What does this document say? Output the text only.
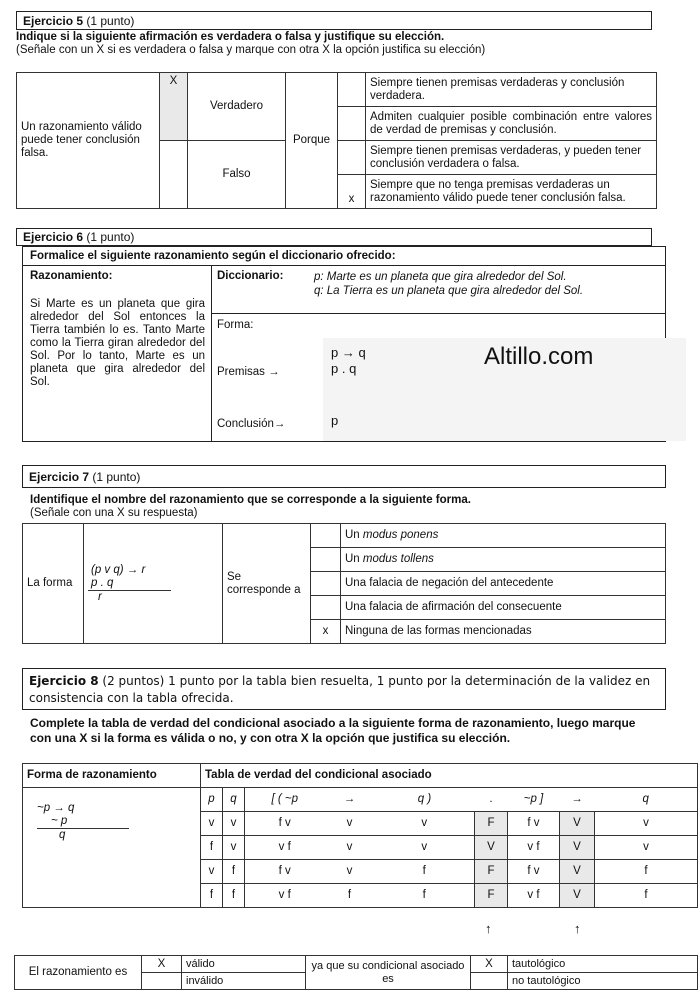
Ejercicio 5 (1 punto)
Indique si la siguiente afirmación es verdadera o falsa y justifique su elección.
(Señale con un X si es verdadera o falsa y marque con otra X la opción justifica su elección)
Un razonamiento válido puede tener conclusión falsa.	X	Verdadero	Porque		Siempre tienen premisas verdaderas y conclusión verdadera.
					Admiten cualquier posible combinación entre valores de verdad de premisas y conclusión.
		Falso			Siempre tienen premisas verdaderas, y pueden tener conclusión verdadera o falsa.
				x	Siempre que no tenga premisas verdaderas un razonamiento válido puede tener conclusión falsa.
Ejercicio 6 (1 punto)
Formalice el siguiente razonamiento según el diccionario ofrecido:
Razonamiento:
Si Marte es un planeta que gira alrededor del Sol entonces la Tierra también lo es. Tanto Marte como la Tierra giran alrededor del Sol. Por lo tanto, Marte es un planeta que gira alrededor del Sol.
Diccionario:	p: Marte es un planeta que gira alrededor del Sol.
q: La Tierra es un planeta que gira alrededor del Sol.
Forma:
Premisas →
p → q
p . q	Altillo.com
Conclusión→	p
Ejercicio 7 (1 punto)
Identifique el nombre del razonamiento que se corresponde a la siguiente forma.
(Señale con una X su respuesta)
La forma	(p v q) → r
p . q
r	Se corresponde a		Un modus ponens
				Un modus tollens
				Una falacia de negación del antecedente
				Una falacia de afirmación del consecuente
			x	Ninguna de las formas mencionadas
Ejercicio 8 (2 puntos) 1 punto por la tabla bien resuelta, 1 punto por la determinación de la validez en consistencia con la tabla ofrecida.
Complete la tabla de verdad del condicional asociado a la siguiente forma de razonamiento, luego marque con una X si la forma es válida o no, y con otra X la opción que justifica su elección.
Forma de razonamiento	Tabla de verdad del condicional asociado								

~p → q
~ p
q	p	q	[ ( ~p	→	q )	.	~p ]	→	q
	v	v	f v	v	v	F	f v	V	v
	f	v	v f	v	v	V	v f	V	v
	v	f	f v	v	f	F	f v	V	f
	f	f	v f	f	f	F	v f	V	f
↑	↑
El razonamiento es	X	válido	ya que su condicional asociado es	X	tautológico
		inválido			no tautológico
